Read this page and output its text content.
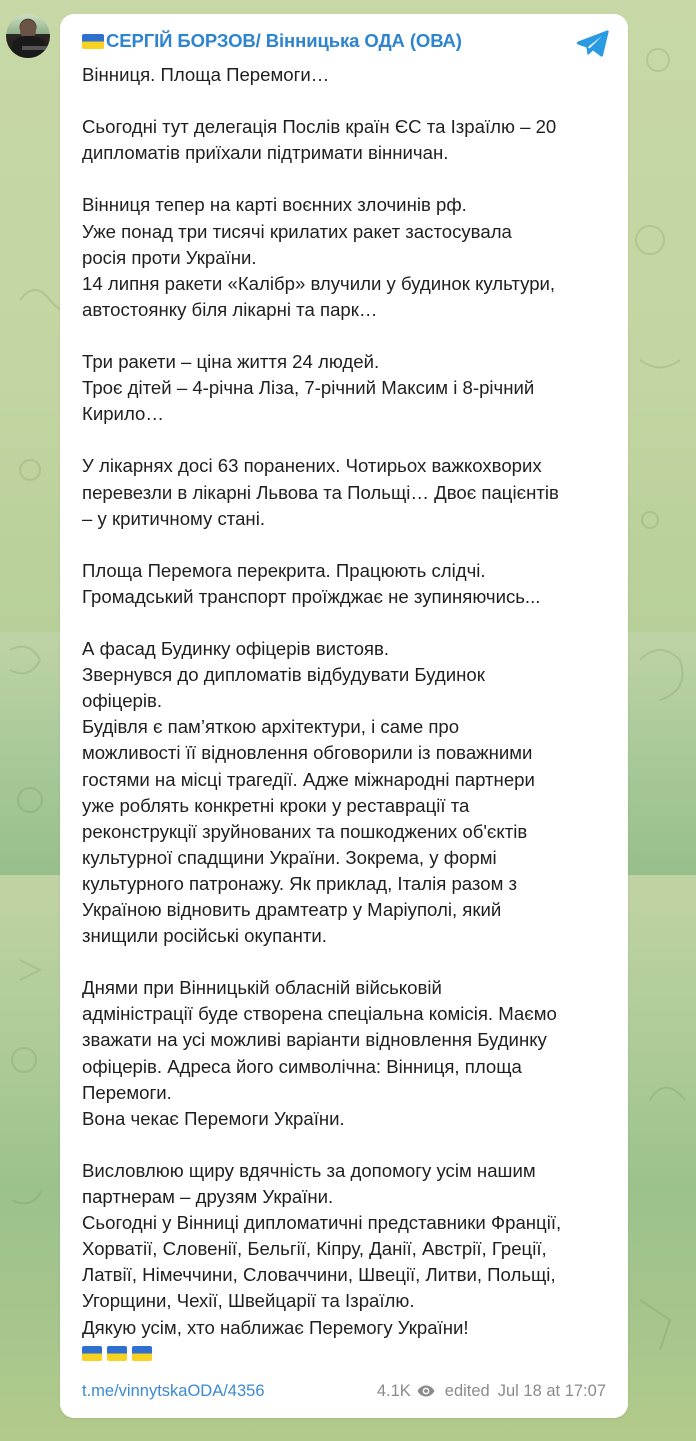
СЕРГІЙ БОРЗОВ/ Вінницька ОДА (ОВА)
Вінниця. Площа Перемоги…
Сьогодні тут делегація Послів країн ЄС та Ізраїлю – 20
дипломатів приїхали підтримати вінничан.
Вінниця тепер на карті воєнних злочинів рф.
Уже понад три тисячі крилатих ракет застосувала
росія проти України.
14 липня ракети «Калібр» влучили у будинок культури,
автостоянку біля лікарні та парк…
Три ракети – ціна життя 24 людей.
Троє дітей – 4-річна Ліза, 7-річний Максим і 8-річний
Кирило…
У лікарнях досі 63 поранених. Чотирьох важкохворих
перевезли в лікарні Львова та Польщі… Двоє пацієнтів
– у критичному стані.
Площа Перемога перекрита. Працюють слідчі.
Громадський транспорт проїжджає не зупиняючись...
А фасад Будинку офіцерів вистояв.
Звернувся до дипломатів відбудувати Будинок
офіцерів.
Будівля є пам’яткою архітектури, і саме про
можливості її відновлення обговорили із поважними
гостями на місці трагедії. Адже міжнародні партнери
уже роблять конкретні кроки у реставрації та
реконструкції зруйнованих та пошкоджених об'єктів
культурної спадщини України. Зокрема, у формі
культурного патронажу. Як приклад, Італія разом з
Україною відновить драмтеатр у Маріуполі, який
знищили російські окупанти.
Днями при Вінницькій обласній військовій
адміністрації буде створена спеціальна комісія. Маємо
зважати на усі можливі варіанти відновлення Будинку
офіцерів. Адреса його символічна: Вінниця, площа
Перемоги.
Вона чекає Перемоги України.
Висловлюю щиру вдячність за допомогу усім нашим
партнерам – друзям України.
Сьогодні у Вінниці дипломатичні представники Франції,
Хорватії, Словенії, Бельгії, Кіпру, Данії, Австрії, Греції,
Латвії, Німеччини, Словаччини, Швеції, Литви, Польщі,
Угорщини, Чехії, Швейцарії та Ізраїлю.
Дякую усім, хто наближає Перемогу України!
t.me/vinnytskaODA/4356	4.1K edited Jul 18 at 17:07
